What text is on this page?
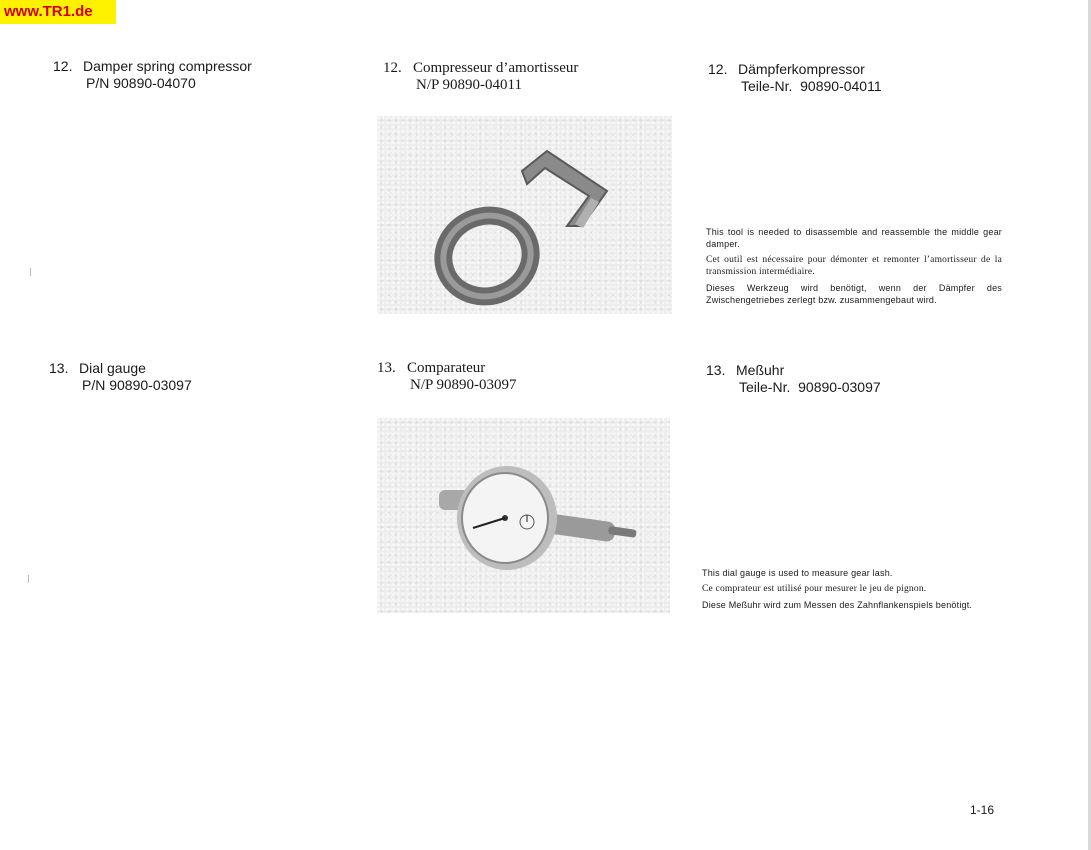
www.TR1.de
12. Damper spring compressor
P/N 90890-04070
12. Compresseur d’amortisseur
N/P 90890-04011
12. Dämpferkompressor
Teile-Nr. 90890-04011

This tool is needed to disassemble and reassemble the middle gear damper.

Cet outil est nécessaire pour démonter et remonter l’amortisseur de la transmission intermédiaire.

Dieses Werkzeug wird benötigt, wenn der Dämpfer des Zwischengetriebes zerlegt bzw. zusammengebaut wird.

13. Dial gauge
P/N 90890-03097
13. Comparateur
N/P 90890-03097
13. Meßuhr
Teile-Nr. 90890-03097

This dial gauge is used to measure gear lash.

Ce comprateur est utilisé pour mesurer le jeu de pignon.

Diese Meßuhr wird zum Messen des Zahnflankenspiels benötigt.

1-16
